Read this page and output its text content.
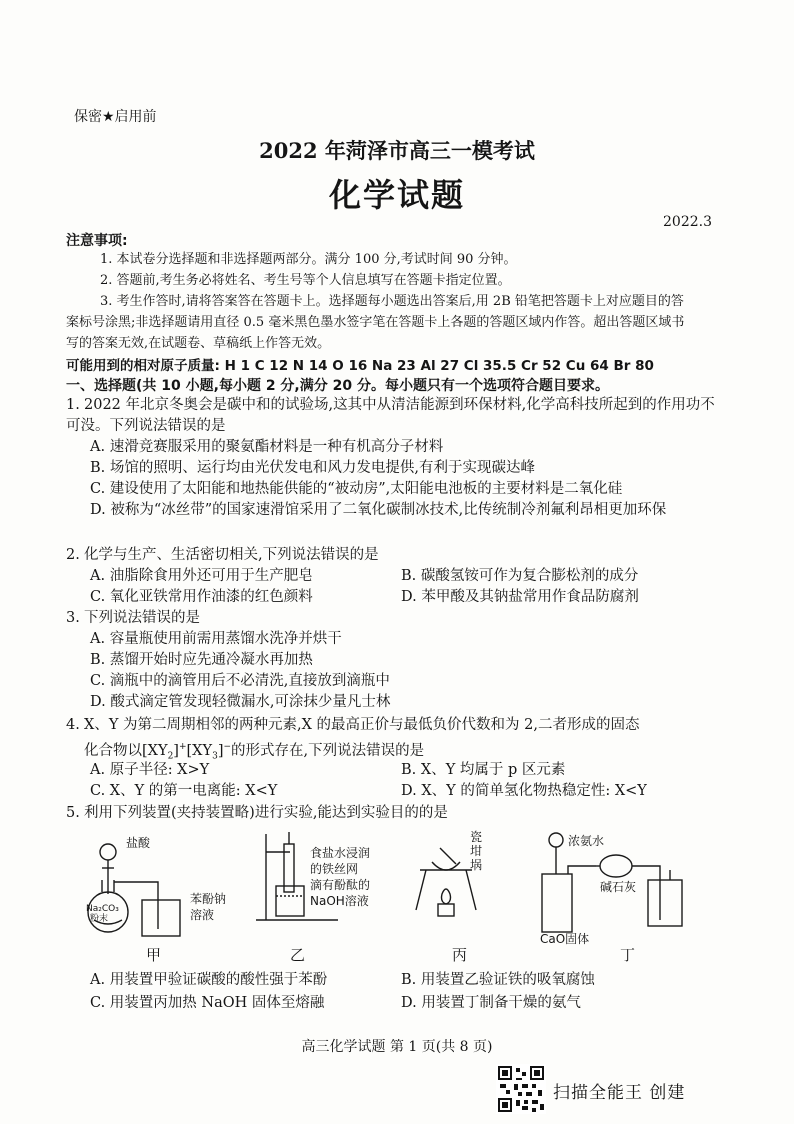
保密★启用前
2022 年菏泽市高三一模考试
化学试题
2022.3
注意事项:
1. 本试卷分选择题和非选择题两部分。满分 100 分,考试时间 90 分钟。
2. 答题前,考生务必将姓名、考生号等个人信息填写在答题卡指定位置。
3. 考生作答时,请将答案答在答题卡上。选择题每小题选出答案后,用 2B 铅笔把答题卡上对应题目的答案标号涂黑;非选择题请用直径 0.5 毫米黑色墨水签字笔在答题卡上各题的答题区域内作答。超出答题区域书写的答案无效,在试题卷、草稿纸上作答无效。
可能用到的相对原子质量: H 1 C 12 N 14 O 16 Na 23 Al 27 Cl 35.5 Cr 52 Cu 64 Br 80
一、选择题(共 10 小题,每小题 2 分,满分 20 分。每小题只有一个选项符合题目要求。
1. 2022 年北京冬奥会是碳中和的试验场,这其中从清洁能源到环保材料,化学高科技所起到的作用功不可没。下列说法错误的是
A. 速滑竞赛服采用的聚氨酯材料是一种有机高分子材料
B. 场馆的照明、运行均由光伏发电和风力发电提供,有利于实现碳达峰
C. 建设使用了太阳能和地热能供能的“被动房”,太阳能电池板的主要材料是二氧化硅
D. 被称为“冰丝带”的国家速滑馆采用了二氧化碳制冰技术,比传统制冷剂氟利昂相更加环保
2. 化学与生产、生活密切相关,下列说法错误的是
A. 油脂除食用外还可用于生产肥皂	B. 碳酸氢铵可作为复合膨松剂的成分
C. 氧化亚铁常用作油漆的红色颜料	D. 苯甲酸及其钠盐常用作食品防腐剂
3. 下列说法错误的是
A. 容量瓶使用前需用蒸馏水洗净并烘干
B. 蒸馏开始时应先通冷凝水再加热
C. 滴瓶中的滴管用后不必清洗,直接放到滴瓶中
D. 酸式滴定管发现轻微漏水,可涂抹少量凡士林
4. X、Y 为第二周期相邻的两种元素,X 的最高正价与最低负价代数和为 2,二者形成的固态
化合物以$[XY_2]^+[XY_3]^-$的形式存在,下列说法错误的是
A. 原子半径: X>Y	B. X、Y 均属于 p 区元素
C. X、Y 的第一电离能: X<Y	D. X、Y 的简单氢化物热稳定性: X<Y
5. 利用下列装置(夹持装置略)进行实验,能达到实验目的的是
盐酸
Na₂CO₃
粉末
苯酚钠
溶液
食盐水浸润
的铁丝网
滴有酚酞的
NaOH溶液
瓷
坩
埚
浓氨水
碱石灰
CaO固体
甲	乙	丙	丁
A. 用装置甲验证碳酸的酸性强于苯酚	B. 用装置乙验证铁的吸氧腐蚀
C. 用装置丙加热 NaOH 固体至熔融	D. 用装置丁制备干燥的氨气
高三化学试题 第 1 页(共 8 页)
扫描全能王 创建
